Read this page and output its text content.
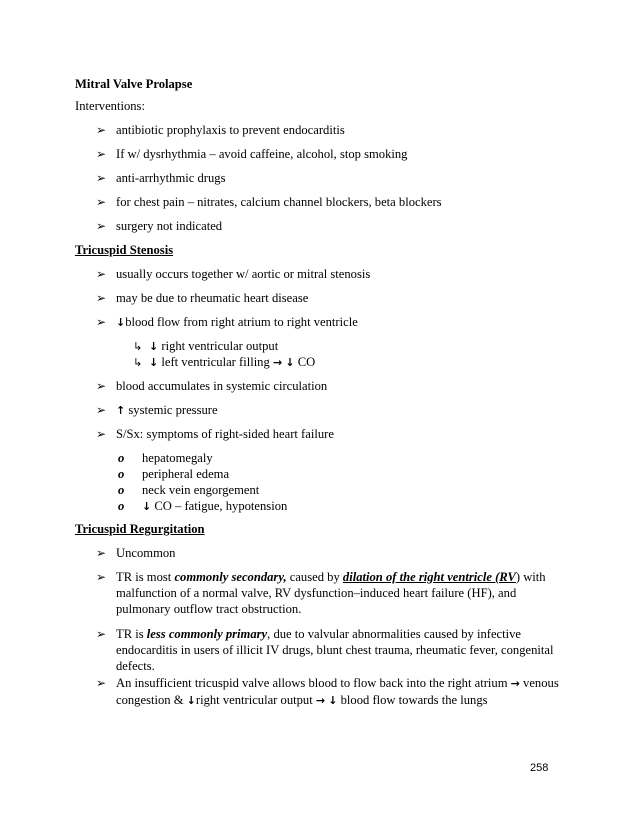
Mitral Valve Prolapse
Interventions:
➢ antibiotic prophylaxis to prevent endocarditis
➢ If w/ dysrhythmia – avoid caffeine, alcohol, stop smoking
➢ anti-arrhythmic drugs
➢ for chest pain – nitrates, calcium channel blockers, beta blockers
➢ surgery not indicated
Tricuspid Stenosis
➢ usually occurs together w/ aortic or mitral stenosis
➢ may be due to rheumatic heart disease
➢ ↓blood flow from right atrium to right ventricle
↳ ↓ right ventricular output
↳ ↓ left ventricular filling → ↓ CO
➢ blood accumulates in systemic circulation
➢ ↑ systemic pressure
➢ S/Sx: symptoms of right-sided heart failure
o hepatomegaly
o peripheral edema
o neck vein engorgement
o ↓ CO – fatigue, hypotension
Tricuspid Regurgitation
➢ Uncommon
➢ TR is most commonly secondary, caused by dilation of the right ventricle (RV) with malfunction of a normal valve, RV dysfunction–induced heart failure (HF), and pulmonary outflow tract obstruction.
➢ TR is less commonly primary, due to valvular abnormalities caused by infective endocarditis in users of illicit IV drugs, blunt chest trauma, rheumatic fever, congenital defects.
➢ An insufficient tricuspid valve allows blood to flow back into the right atrium → venous congestion & ↓right ventricular output → ↓ blood flow towards the lungs
258
